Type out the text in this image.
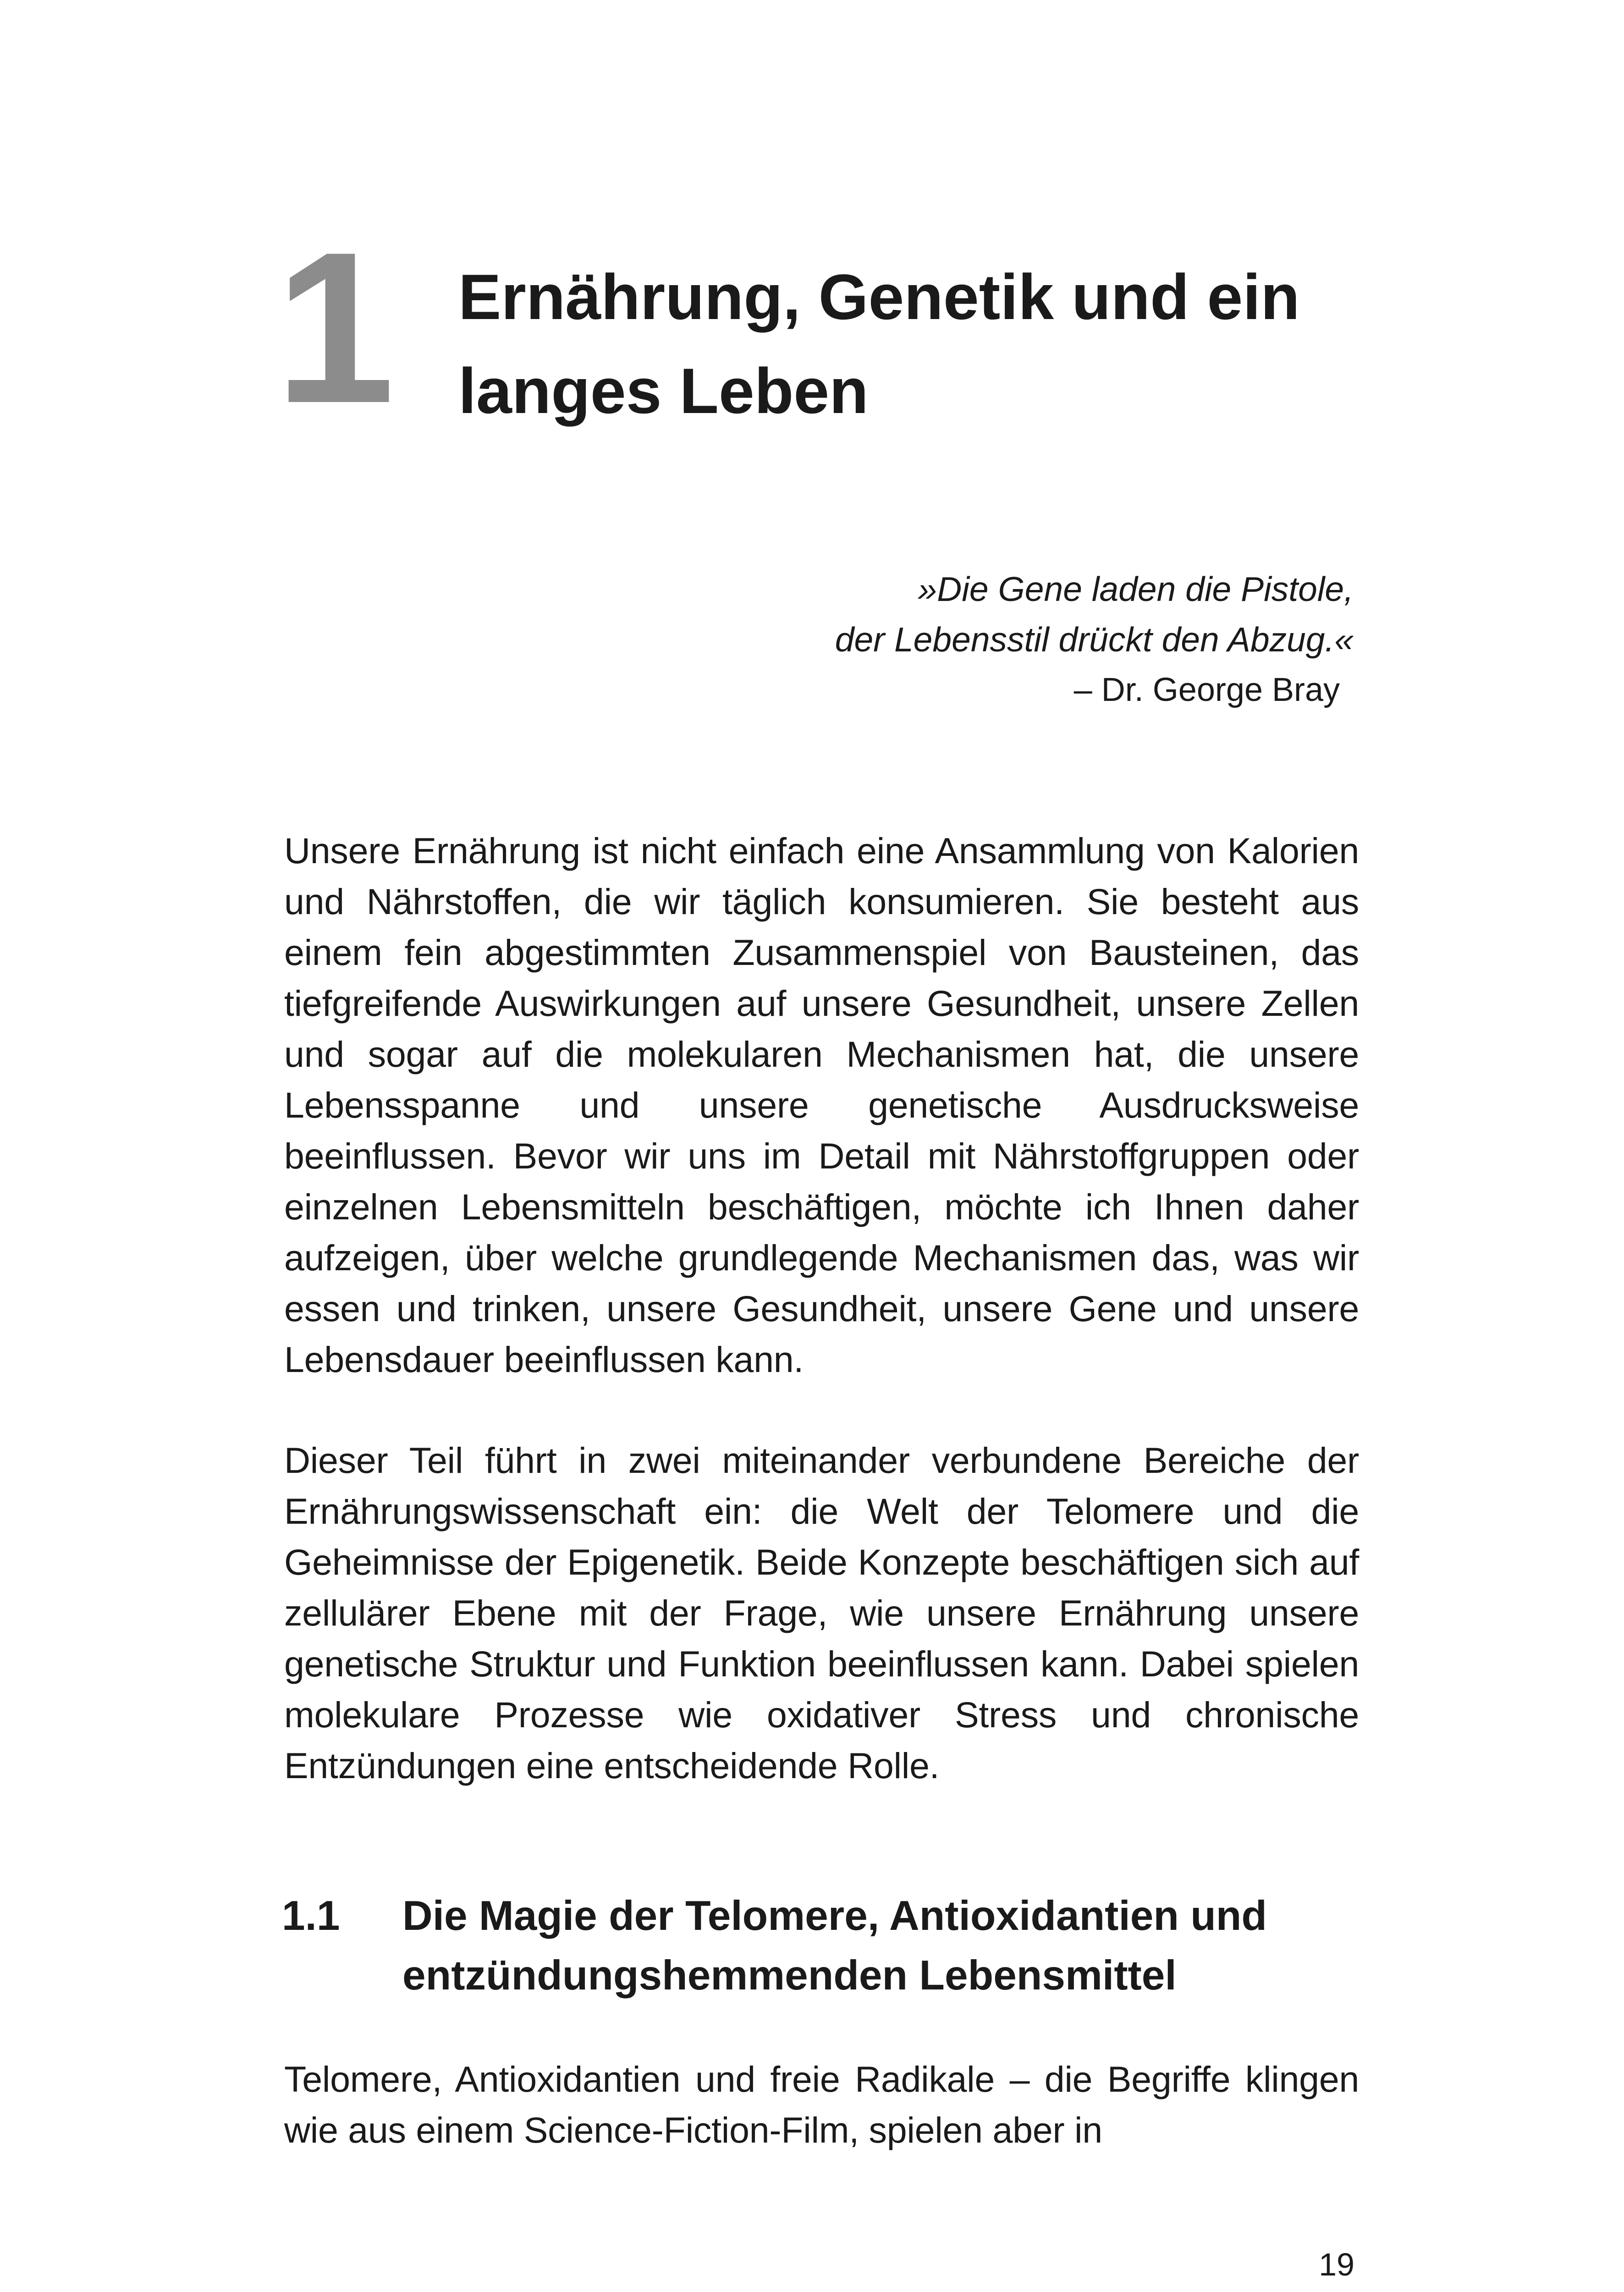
1 Ernährung, Genetik und ein langes Leben
»Die Gene laden die Pistole,
der Lebensstil drückt den Abzug.«
– Dr. George Bray

Unsere Ernährung ist nicht einfach eine Ansammlung von Kalorien und Nährstoffen, die wir täglich konsumieren. Sie besteht aus einem fein abgestimmten Zusammenspiel von Bausteinen, das tiefgreifende Auswirkungen auf unsere Gesundheit, unsere Zellen und sogar auf die molekularen Mechanismen hat, die unsere Lebensspanne und unsere genetische Ausdrucksweise beeinflussen. Bevor wir uns im Detail mit Nährstoffgruppen oder einzelnen Lebensmitteln beschäftigen, möchte ich Ihnen daher aufzeigen, über welche grundlegende Mechanismen das, was wir essen und trinken, unsere Gesundheit, unsere Gene und unsere Lebensdauer beeinflussen kann.

Dieser Teil führt in zwei miteinander verbundene Bereiche der Ernährungswissenschaft ein: die Welt der Telomere und die Geheimnisse der Epigenetik. Beide Konzepte beschäftigen sich auf zellulärer Ebene mit der Frage, wie unsere Ernährung unsere genetische Struktur und Funktion beeinflussen kann. Dabei spielen molekulare Prozesse wie oxidativer Stress und chronische Entzündungen eine entscheidende Rolle.

1.1 Die Magie der Telomere, Antioxidantien und entzündungshemmenden Lebensmittel

Telomere, Antioxidantien und freie Radikale – die Begriffe klingen wie aus einem Science-Fiction-Film, spielen aber in

19
